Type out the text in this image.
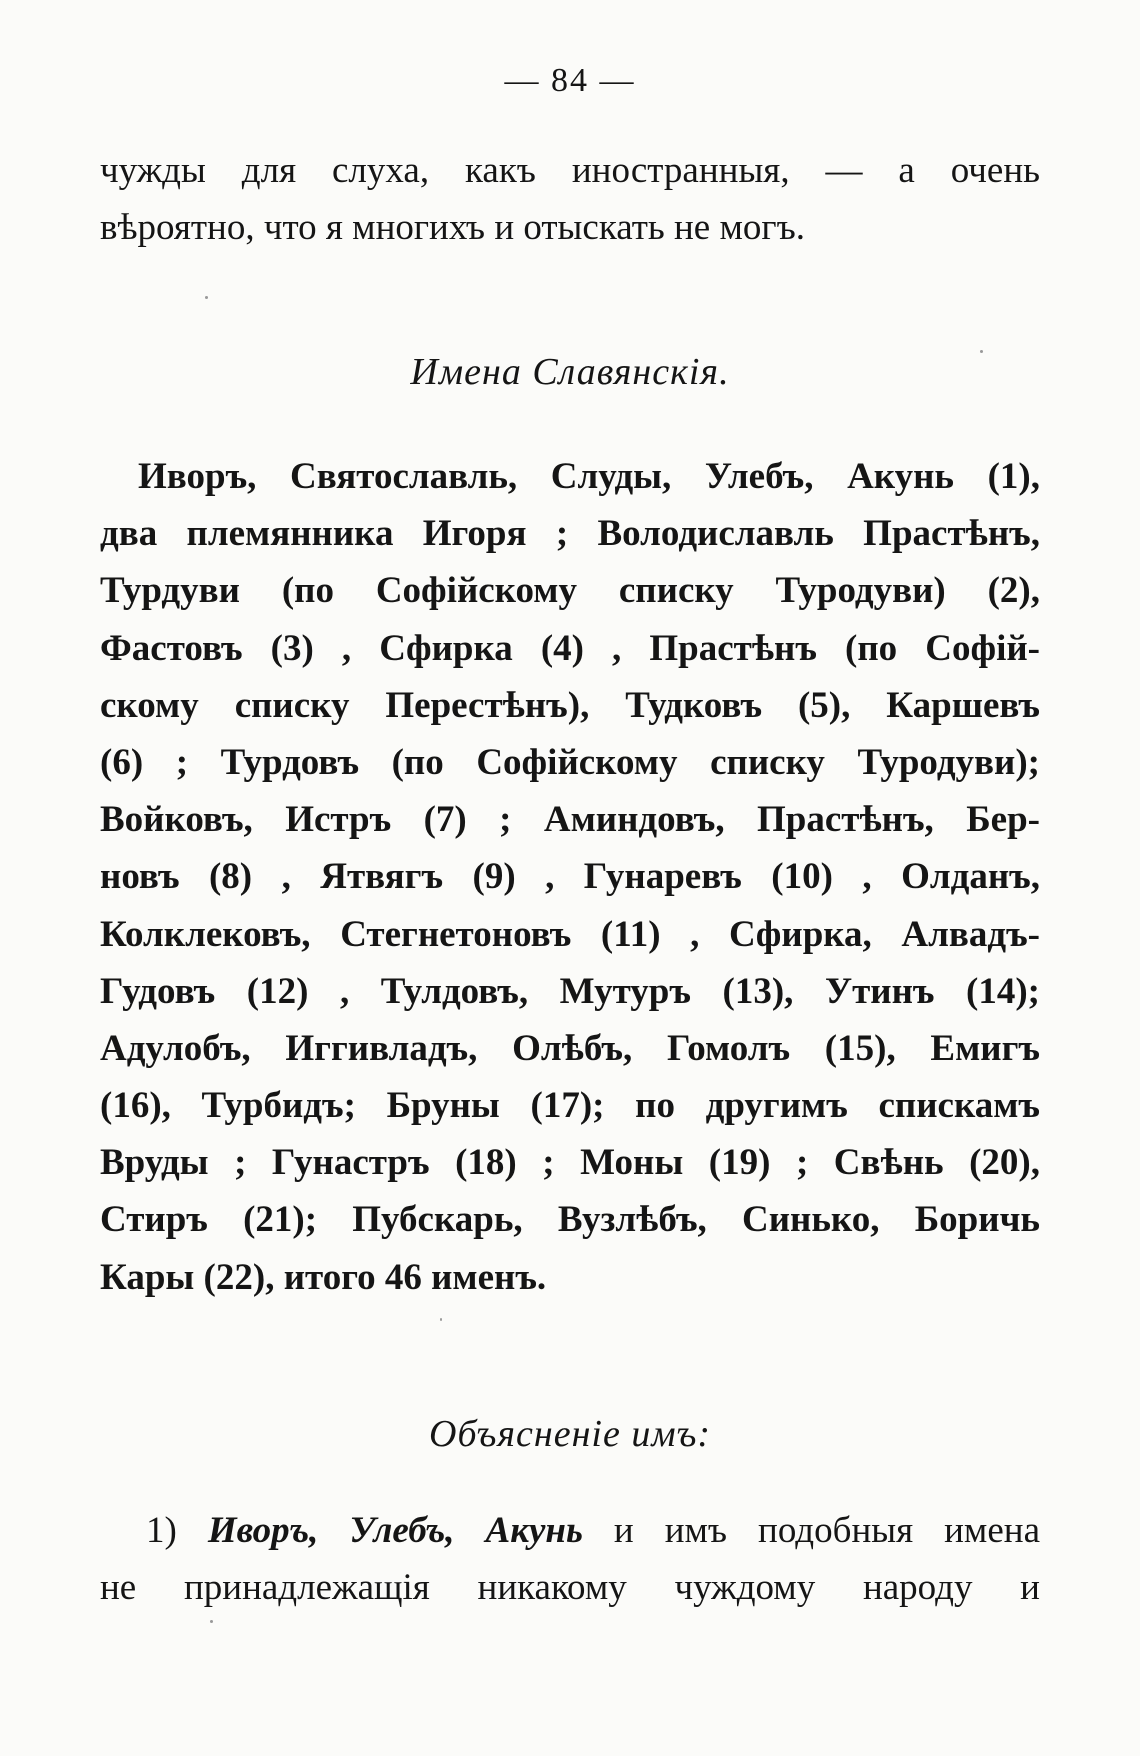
— 84 —
чужды для слуха, какъ иностранныя, — а очень
вѣроятно, что я многихъ и отыскать не могъ.
Имена Славянскія.
Иворъ, Святославль, Слуды, Улебъ, Акунь (1),
два племянника Игоря ; Володиславль Прастѣнъ,
Турдуви (по Софійскому списку Туродуви) (2),
Фастовъ (3) , Сфирка (4) , Прастѣнъ (по Софій-
скому списку Перестѣнъ), Тудковъ (5), Каршевъ
(6) ; Турдовъ (по Софійскому списку Туродуви);
Войковъ, Истръ (7) ; Аминдовъ, Прастѣнъ, Бер-
новъ (8) , Ятвягъ (9) , Гунаревъ (10) , Олданъ,
Колклековъ, Стегнетоновъ (11) , Сфирка, Алвадъ-
Гудовъ (12) , Тулдовъ, Мутуръ (13), Утинъ (14);
Адулобъ, Иггивладъ, Олѣбъ, Гомолъ (15), Емигъ
(16), Турбидъ; Бруны (17); по другимъ спискамъ
Вруды ; Гунастръ (18) ; Моны (19) ; Свѣнь (20),
Стиръ (21); Пубскарь, Вузлѣбъ, Синько, Боричь
Кары (22), итого 46 именъ.
Объясненіе имъ:
1) Иворъ, Улебъ, Акунь и имъ подобныя имена
не принадлежащія никакому чуждому народу и
